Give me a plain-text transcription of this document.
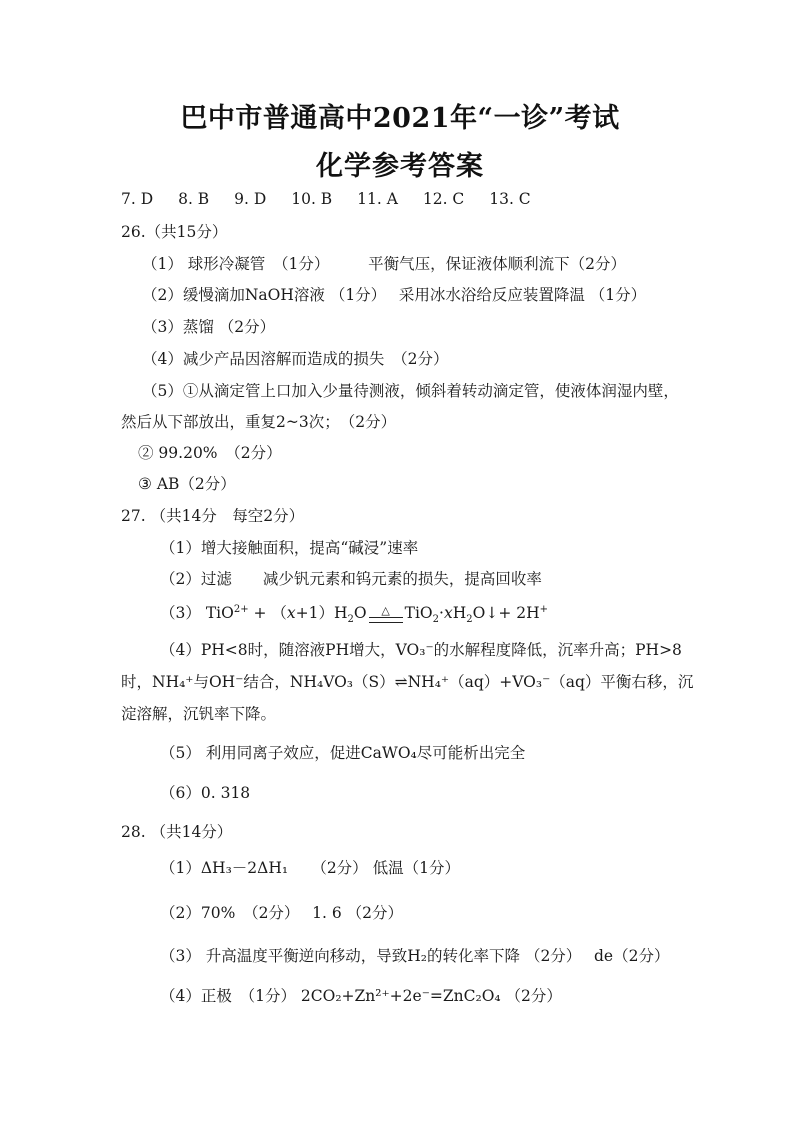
巴中市普通高中2021年“一诊”考试
化学参考答案
7. D 8. B 9. D 10. B 11. A 12. C 13. C
26.（共15分）
（1） 球形冷凝管　（1分）　　　平衡气压，保证液体顺利流下（2分）
（2）缓慢滴加NaOH溶液 （1分）　 采用冰水浴给反应装置降温 （1分）
（3）蒸馏 （2分）
（4）减少产品因溶解而造成的损失　（2分）
（5）①从滴定管上口加入少量待测液，倾斜着转动滴定管，使液体润湿内壁，
然后从下部放出，重复2~3次；　（2分）
② 99.20%　（2分）
③ AB（2分）
27. （共14分　每空2分）
（1）增大接触面积，提高“碱浸”速率
（2）过滤　　减少钒元素和钨元素的损失，提高回收率
（3） $TiO^{2+} + (x+1)H_2O$ △ $TiO_2\cdot xH_2O↓+ 2H^+$
（4）PH<8时，随溶液PH增大，VO₃⁻的水解程度降低，沉率升高；PH>8
时，NH₄⁺与OH⁻结合，NH₄VO₃（S）⇌NH₄⁺（aq）+VO₃⁻（aq）平衡右移，沉
淀溶解，沉钒率下降。
（5） 利用同离子效应，促进CaWO₄尽可能析出完全
（6）0. 318
28. （共14分）
（1）ΔH₃－2ΔH₁　　（2分） 低温（1分）
（2）70%　（2分）　 1. 6 （2分）
（3） 升高温度平衡逆向移动，导致H₂的转化率下降 （2分）　 de（2分）
（4）正极　（1分） 2CO₂+Zn²⁺+2e⁻=ZnC₂O₄ （2分）
